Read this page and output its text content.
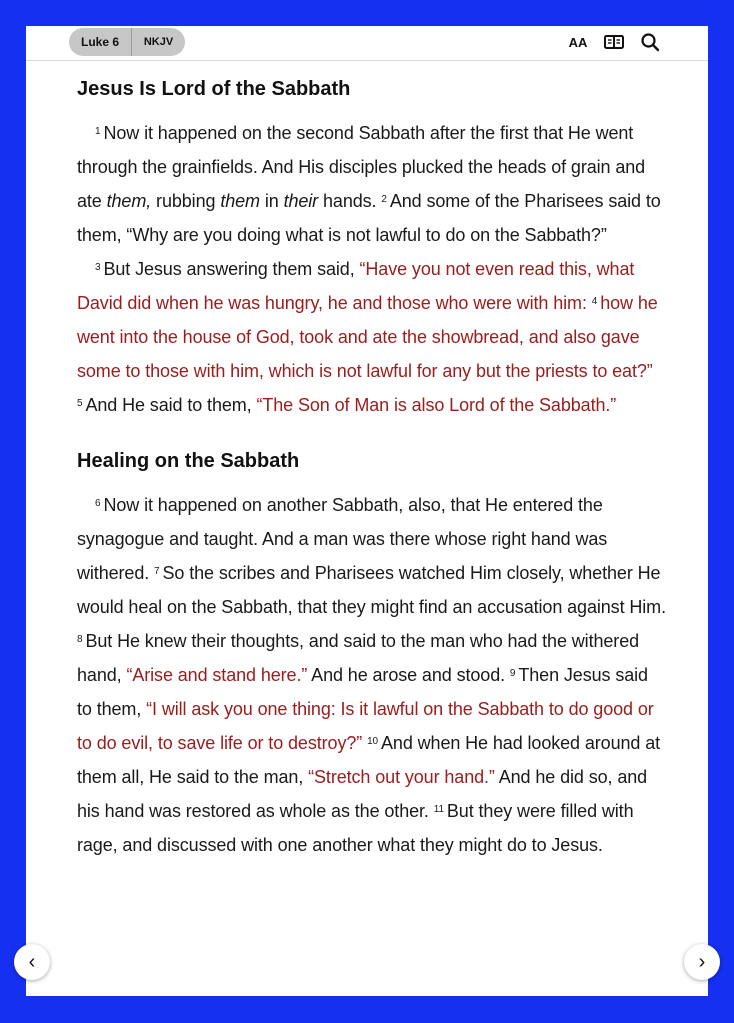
Luke 6	NKJV	AA
Jesus Is Lord of the Sabbath

$^1$ Now it happened on the second Sabbath after the first that He went through the grainfields. And His disciples plucked the heads of grain and ate them, rubbing them in their hands. $^2$ And some of the Pharisees said to them, “Why are you doing what is not lawful to do on the Sabbath?”

$^3$ But Jesus answering them said, “Have you not even read this, what David did when he was hungry, he and those who were with him: $^4$ how he went into the house of God, took and ate the showbread, and also gave some to those with him, which is not lawful for any but the priests to eat?” $^5$ And He said to them, “The Son of Man is also Lord of the Sabbath.”

Healing on the Sabbath

$^6$ Now it happened on another Sabbath, also, that He entered the synagogue and taught. And a man was there whose right hand was withered. $^7$ So the scribes and Pharisees watched Him closely, whether He would heal on the Sabbath, that they might find an accusation against Him. $^8$ But He knew their thoughts, and said to the man who had the withered hand, “Arise and stand here.” And he arose and stood. $^9$ Then Jesus said to them, “I will ask you one thing: Is it lawful on the Sabbath to do good or to do evil, to save life or to destroy?” $^{10}$ And when He had looked around at them all, He said to the man, “Stretch out your hand.” And he did so, and his hand was restored as whole as the other. $^{11}$ But they were filled with rage, and discussed with one another what they might do to Jesus.

‹	›
